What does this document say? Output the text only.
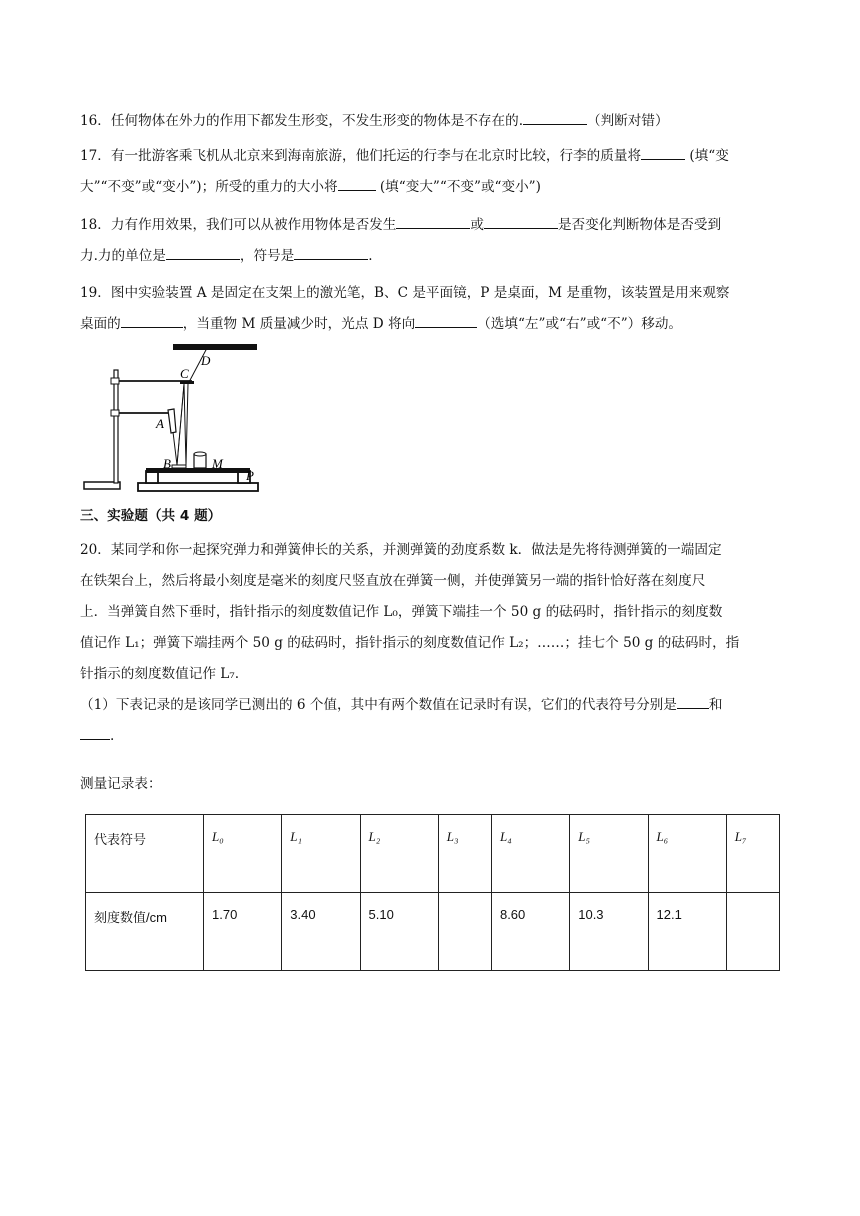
16．任何物体在外力的作用下都发生形变，不发生形变的物体是不存在的.	（判断对错）

17．有一批游客乘飞机从北京来到海南旅游，他们托运的行李与在北京时比较，行李的质量将	(填“变

大”“不变”或“变小”)；所受的重力的大小将	(填“变大”“不变”或“变小”)

18．力有作用效果，我们可以从被作用物体是否发生	或	是否变化判断物体是否受到

力.力的单位是	，符号是	.

19．图中实验装置 A 是固定在支架上的激光笔，B、C 是平面镜，P 是桌面，M 是重物，该装置是用来观察

桌面的	，当重物 M 质量减少时，光点 D 将向	（选填“左”或“右”或“不”）移动。

D
C
A
B	M
P
三、实验题（共 4 题）

20．某同学和你一起探究弹力和弹簧伸长的关系，并测弹簧的劲度系数 k．做法是先将待测弹簧的一端固定

在铁架台上，然后将最小刻度是毫米的刻度尺竖直放在弹簧一侧，并使弹簧另一端的指针恰好落在刻度尺

上．当弹簧自然下垂时，指针指示的刻度数值记作 L₀，弹簧下端挂一个 50 g 的砝码时，指针指示的刻度数

值记作 L₁；弹簧下端挂两个 50 g 的砝码时，指针指示的刻度数值记作 L₂；……；挂七个 50 g 的砝码时，指

针指示的刻度数值记作 L₇.

（1）下表记录的是该同学已测出的 6 个值，其中有两个数值在记录时有误，它们的代表符号分别是 和

.

测量记录表：
代表符号	L₀	L₁	L₂	L₃	L₄	L₅	L₆	L₇
刻度数值/cm	1.70	3.40	5.10		8.60	10.3	12.1	
